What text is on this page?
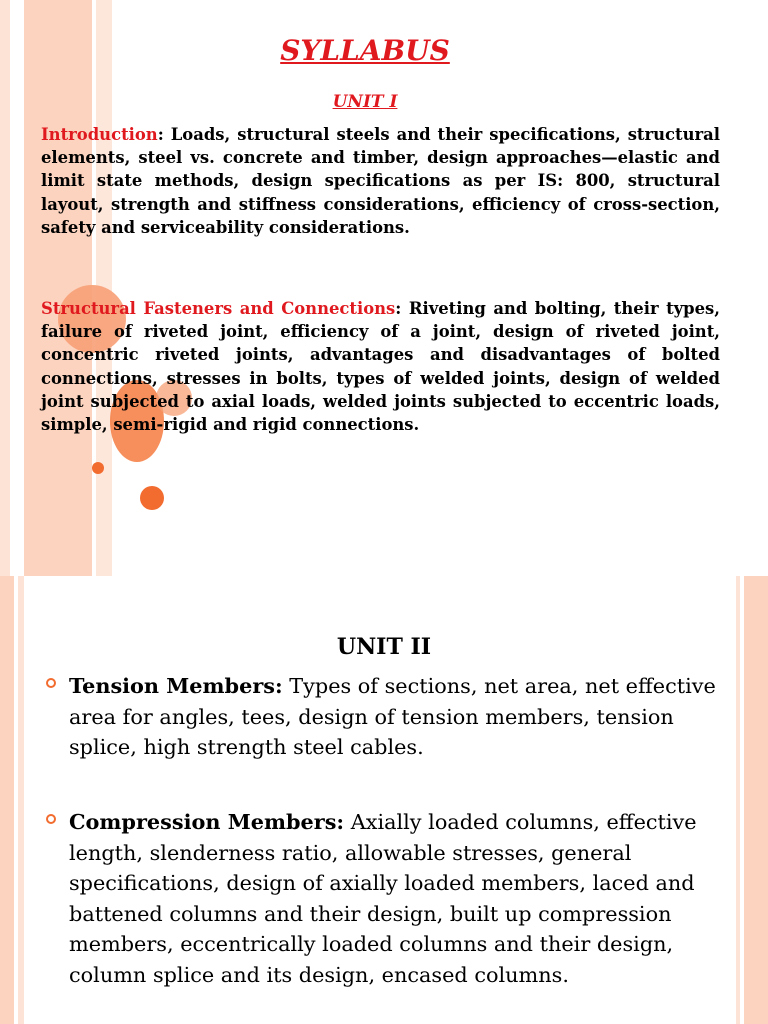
SYLLABUS
UNIT I

Introduction: Loads, structural steels and their specifications, structural elements, steel vs. concrete and timber, design approaches—elastic and limit state methods, design specifications as per IS: 800, structural layout, strength and stiffness considerations, efficiency of cross-section, safety and serviceability considerations.

Structural Fasteners and Connections: Riveting and bolting, their types, failure of riveted joint, efficiency of a joint, design of riveted joint, concentric riveted joints, advantages and disadvantages of bolted connections, stresses in bolts, types of welded joints, design of welded joint subjected to axial loads, welded joints subjected to eccentric loads, simple, semi-rigid and rigid connections.

UNIT II

Tension Members: Types of sections, net area, net effective area for angles, tees, design of tension members, tension splice, high strength steel cables.

Compression Members: Axially loaded columns, effective length, slenderness ratio, allowable stresses, general specifications, design of axially loaded members, laced and battened columns and their design, built up compression members, eccentrically loaded columns and their design, column splice and its design, encased columns.
